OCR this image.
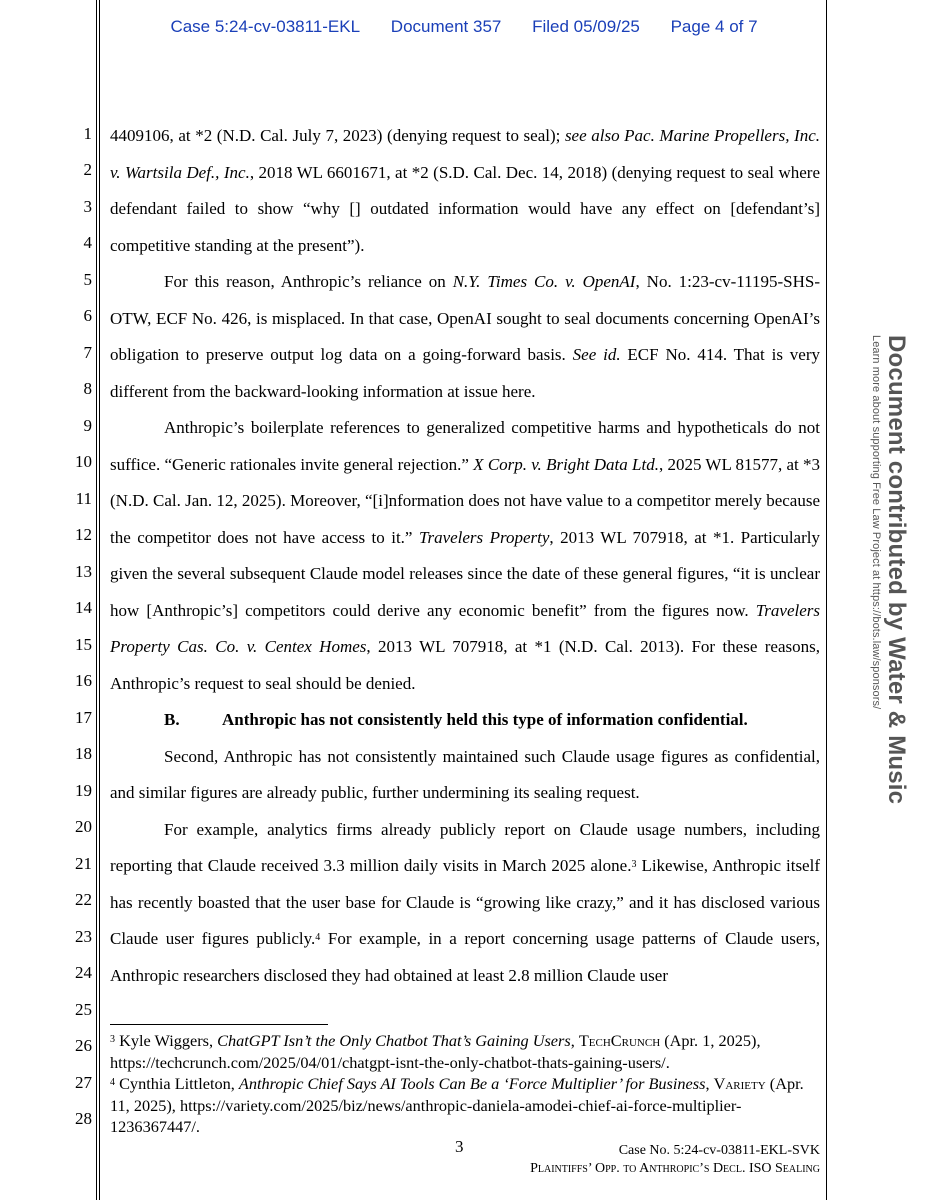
Case 5:24-cv-03811-EKL Document 357 Filed 05/09/25 Page 4 of 7
1
2
3
4
5
6
7
8
9
10
11
12
13
14
15
16
17
18
19
20
21
22
23
24
25
26
27
28

4409106, at *2 (N.D. Cal. July 7, 2023) (denying request to seal); see also Pac. Marine Propellers, Inc. v. Wartsila Def., Inc., 2018 WL 6601671, at *2 (S.D. Cal. Dec. 14, 2018) (denying request to seal where defendant failed to show “why [] outdated information would have any effect on [defendant’s] competitive standing at the present”).

For this reason, Anthropic’s reliance on N.Y. Times Co. v. OpenAI, No. 1:23-cv-11195-SHS-OTW, ECF No. 426, is misplaced. In that case, OpenAI sought to seal documents concerning OpenAI’s obligation to preserve output log data on a going-forward basis. See id. ECF No. 414. That is very different from the backward-looking information at issue here.

Anthropic’s boilerplate references to generalized competitive harms and hypotheticals do not suffice. “Generic rationales invite general rejection.” X Corp. v. Bright Data Ltd., 2025 WL 81577, at *3 (N.D. Cal. Jan. 12, 2025). Moreover, “[i]nformation does not have value to a competitor merely because the competitor does not have access to it.” Travelers Property, 2013 WL 707918, at *1. Particularly given the several subsequent Claude model releases since the date of these general figures, “it is unclear how [Anthropic’s] competitors could derive any economic benefit” from the figures now. Travelers Property Cas. Co. v. Centex Homes, 2013 WL 707918, at *1 (N.D. Cal. 2013). For these reasons, Anthropic’s request to seal should be denied.

B. Anthropic has not consistently held this type of information confidential.

Second, Anthropic has not consistently maintained such Claude usage figures as confidential, and similar figures are already public, further undermining its sealing request.

For example, analytics firms already publicly report on Claude usage numbers, including reporting that Claude received 3.3 million daily visits in March 2025 alone.$^3$ Likewise, Anthropic itself has recently boasted that the user base for Claude is “growing like crazy,” and it has disclosed various Claude user figures publicly.$^4$ For example, in a report concerning usage patterns of Claude users, Anthropic researchers disclosed they had obtained at least 2.8 million Claude user

$^3$ Kyle Wiggers, ChatGPT Isn’t the Only Chatbot That’s Gaining Users, TechCrunch (Apr. 1, 2025), https://techcrunch.com/2025/04/01/chatgpt-isnt-the-only-chatbot-thats-gaining-users/.

$^4$ Cynthia Littleton, Anthropic Chief Says AI Tools Can Be a ‘Force Multiplier’ for Business, Variety (Apr. 11, 2025), https://variety.com/2025/biz/news/anthropic-daniela-amodei-chief-ai-force-multiplier-1236367447/.

3	Case No. 5:24-cv-03811-EKL-SVK
Plaintiffs’ Opp. to Anthropic’s Decl. ISO Sealing
Document contributed by Water & Music
Learn more about supporting Free Law Project at https://bots.law/sponsors/
